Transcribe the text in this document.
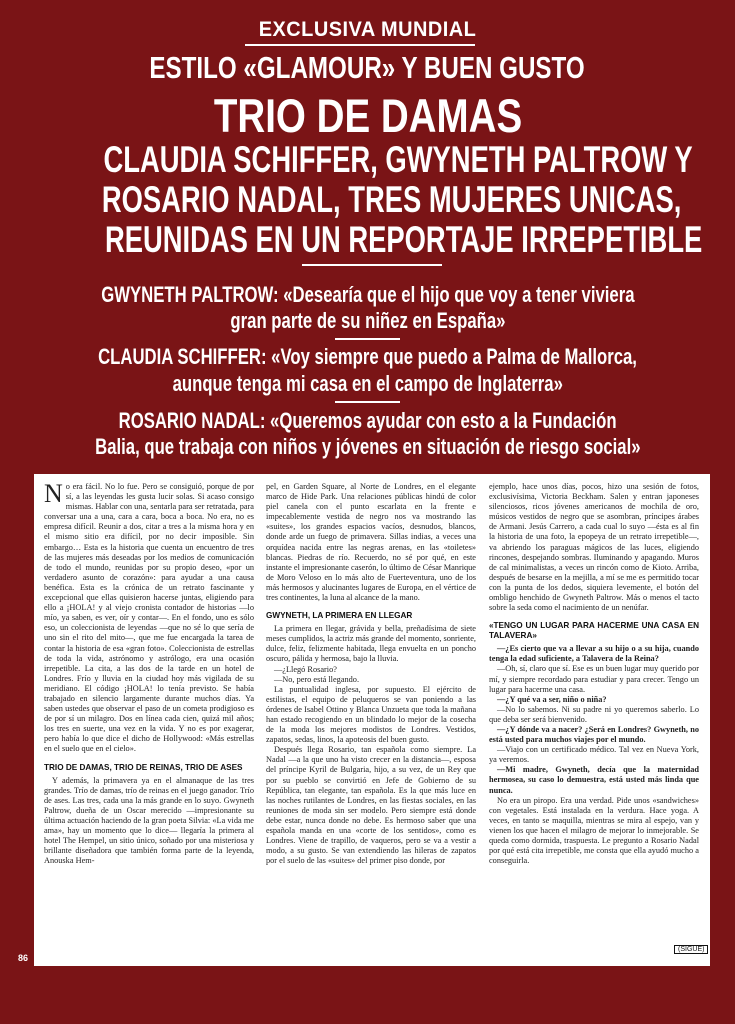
EXCLUSIVA MUNDIAL
ESTILO «GLAMOUR» Y BUEN GUSTO
TRIO DE DAMAS
CLAUDIA SCHIFFER, GWYNETH PALTROW Y
ROSARIO NADAL, TRES MUJERES UNICAS,
REUNIDAS EN UN REPORTAJE IRREPETIBLE
GWYNETH PALTROW: «Desearía que el hijo que voy a tener viviera
gran parte de su niñez en España»
CLAUDIA SCHIFFER: «Voy siempre que puedo a Palma de Mallorca,
aunque tenga mi casa en el campo de Inglaterra»
ROSARIO NADAL: «Queremos ayudar con esto a la Fundación
Balia, que trabaja con niños y jóvenes en situación de riesgo social»

No era fácil. No lo fue. Pero se consiguió, porque de por sí, a las leyendas les gusta lucir solas. Si acaso consigo mismas. Hablar con una, sentarla para ser retratada, para conversar una a una, cara a cara, boca a boca. No era, no es empresa difícil. Reunir a dos, citar a tres a la misma hora y en el mismo sitio era difícil, por no decir imposible. Sin embargo… Esta es la historia que cuenta un encuentro de tres de las mujeres más deseadas por los medios de comunicación de todo el mundo, reunidas por su propio deseo, «por un verdadero asunto de corazón»: para ayudar a una causa benéfica. Esta es la crónica de un retrato fascinante y excepcional que ellas quisieron hacerse juntas, eligiendo para ello a ¡HOLA! y al viejo cronista contador de historias —lo mío, ya saben, es ver, oír y contar—. En el fondo, uno es sólo eso, un coleccionista de leyendas —que no sé lo que sería de uno sin el rito del mito—, que me fue encargada la tarea de contar la historia de esa «gran foto». Coleccionista de estrellas de toda la vida, astrónomo y astrólogo, era una ocasión irrepetible. La cita, a las dos de la tarde en un hotel de Londres. Frío y lluvia en la ciudad hoy más vigilada de su meridiano. El código ¡HOLA! lo tenía previsto. Se había trabajado en silencio largamente durante muchos días. Ya saben ustedes que observar el paso de un cometa prodigioso es de por sí un milagro. Dos en línea cada cien, quizá mil años; los tres en suerte, una vez en la vida. Y no es por exagerar, pero había lo que dice el dicho de Hollywood: «Más estrellas en el suelo que en el cielo».

TRIO DE DAMAS, TRIO DE REINAS, TRIO DE ASES

Y además, la primavera ya en el almanaque de las tres grandes. Trío de damas, trío de reinas en el juego ganador. Trío de ases. Las tres, cada una la más grande en lo suyo. Gwyneth Paltrow, dueña de un Oscar merecido —impresionante su última actuación haciendo de la gran poeta Silvia: «La vida me ama», hay un momento que lo dice— llegaría la primera al hotel The Hempel, un sitio único, soñado por una misteriosa y brillante diseñadora que también forma parte de la leyenda, Anouska Hem-

pel, en Garden Square, al Norte de Londres, en el elegante marco de Hide Park. Una relaciones públicas hindú de color piel canela con el punto escarlata en la frente e impecablemente vestida de negro nos va mostrando las «suites», los grandes espacios vacíos, desnudos, blancos, donde arde un fuego de primavera. Sillas indias, a veces una orquídea nacida entre las negras arenas, en las «toiletes» blancas. Piedras de río. Recuerdo, no sé por qué, en este instante el impresionante caserón, lo último de César Manrique de Moro Veloso en lo más alto de Fuerteventura, uno de los más hermosos y alucinantes lugares de Europa, en el vértice de tres continentes, la luna al alcance de la mano.

GWYNETH, LA PRIMERA EN LLEGAR

La primera en llegar, grávida y bella, preñadísima de siete meses cumplidos, la actriz más grande del momento, sonriente, dulce, feliz, felizmente habitada, llega envuelta en un poncho oscuro, pálida y hermosa, bajo la lluvia.

—¿Llegó Rosario?

—No, pero está llegando.

La puntualidad inglesa, por supuesto. El ejército de estilistas, el equipo de peluqueros se van poniendo a las órdenes de Isabel Ottino y Blanca Unzueta que toda la mañana han estado recogiendo en un blindado lo mejor de la cosecha de la moda los mejores modistos de Londres. Vestidos, zapatos, sedas, linos, la apoteosis del buen gusto.

Después llega Rosario, tan española como siempre. La Nadal —a la que uno ha visto crecer en la distancia—, esposa del príncipe Kyril de Bulgaria, hijo, a su vez, de un Rey que por su pueblo se convirtió en Jefe de Gobierno de su República, tan elegante, tan española. Es la que más luce en las noches rutilantes de Londres, en las fiestas sociales, en las reuniones de moda sin ser modelo. Pero siempre está donde debe estar, nunca donde no debe. Es hermoso saber que una española manda en una «corte de los sentidos», como es Londres. Viene de trapillo, de vaqueros, pero se va a vestir a modo, a su gusto. Se van extendiendo las hileras de zapatos por el suelo de las «suites» del primer piso donde, por

ejemplo, hace unos días, pocos, hizo una sesión de fotos, exclusivísima, Victoria Beckham. Salen y entran japoneses silenciosos, ricos jóvenes americanos de mochila de oro, músicos vestidos de negro que se asombran, príncipes árabes de Armani. Jesús Carrero, a cada cual lo suyo —ésta es al fin la historia de una foto, la epopeya de un retrato irrepetible—, va abriendo los paraguas mágicos de las luces, eligiendo rincones, despejando sombras. Iluminando y apagando. Muros de cal minimalistas, a veces un rincón como de Kioto. Arriba, después de besarse en la mejilla, a mí se me es permitido tocar con la punta de los dedos, siquiera levemente, el botón del ombligo henchido de Gwyneth Paltrow. Más o menos el tacto sobre la seda como el nacimiento de un nenúfar.

«TENGO UN LUGAR PARA HACERME UNA CASA EN TALAVERA»

—¿Es cierto que va a llevar a su hijo o a su hija, cuando tenga la edad suficiente, a Talavera de la Reina?

—Oh, sí, claro que sí. Ese es un buen lugar muy querido por mí, y siempre recordado para estudiar y para crecer. Tengo un lugar para hacerme una casa.

—¿Y qué va a ser, niño o niña?

—No lo sabemos. Ni su padre ni yo queremos saberlo. Lo que deba ser será bienvenido.

—¿Y dónde va a nacer? ¿Será en Londres? Gwyneth, no está usted para muchos viajes por el mundo.

—Viajo con un certificado médico. Tal vez en Nueva York, ya veremos.

—Mi madre, Gwyneth, decía que la maternidad hermosea, su caso lo demuestra, está usted más linda que nunca.

No era un piropo. Era una verdad. Pide unos «sandwiches» con vegetales. Está instalada en la verdura. Hace yoga. A veces, en tanto se maquilla, mientras se mira al espejo, van y vienen los que hacen el milagro de mejorar lo inmejorable. Se queda como dormida, traspuesta. Le pregunto a Rosario Nadal por qué está cita irrepetible, me consta que ella ayudó mucho a conseguirla.

(SIGUE)
86
